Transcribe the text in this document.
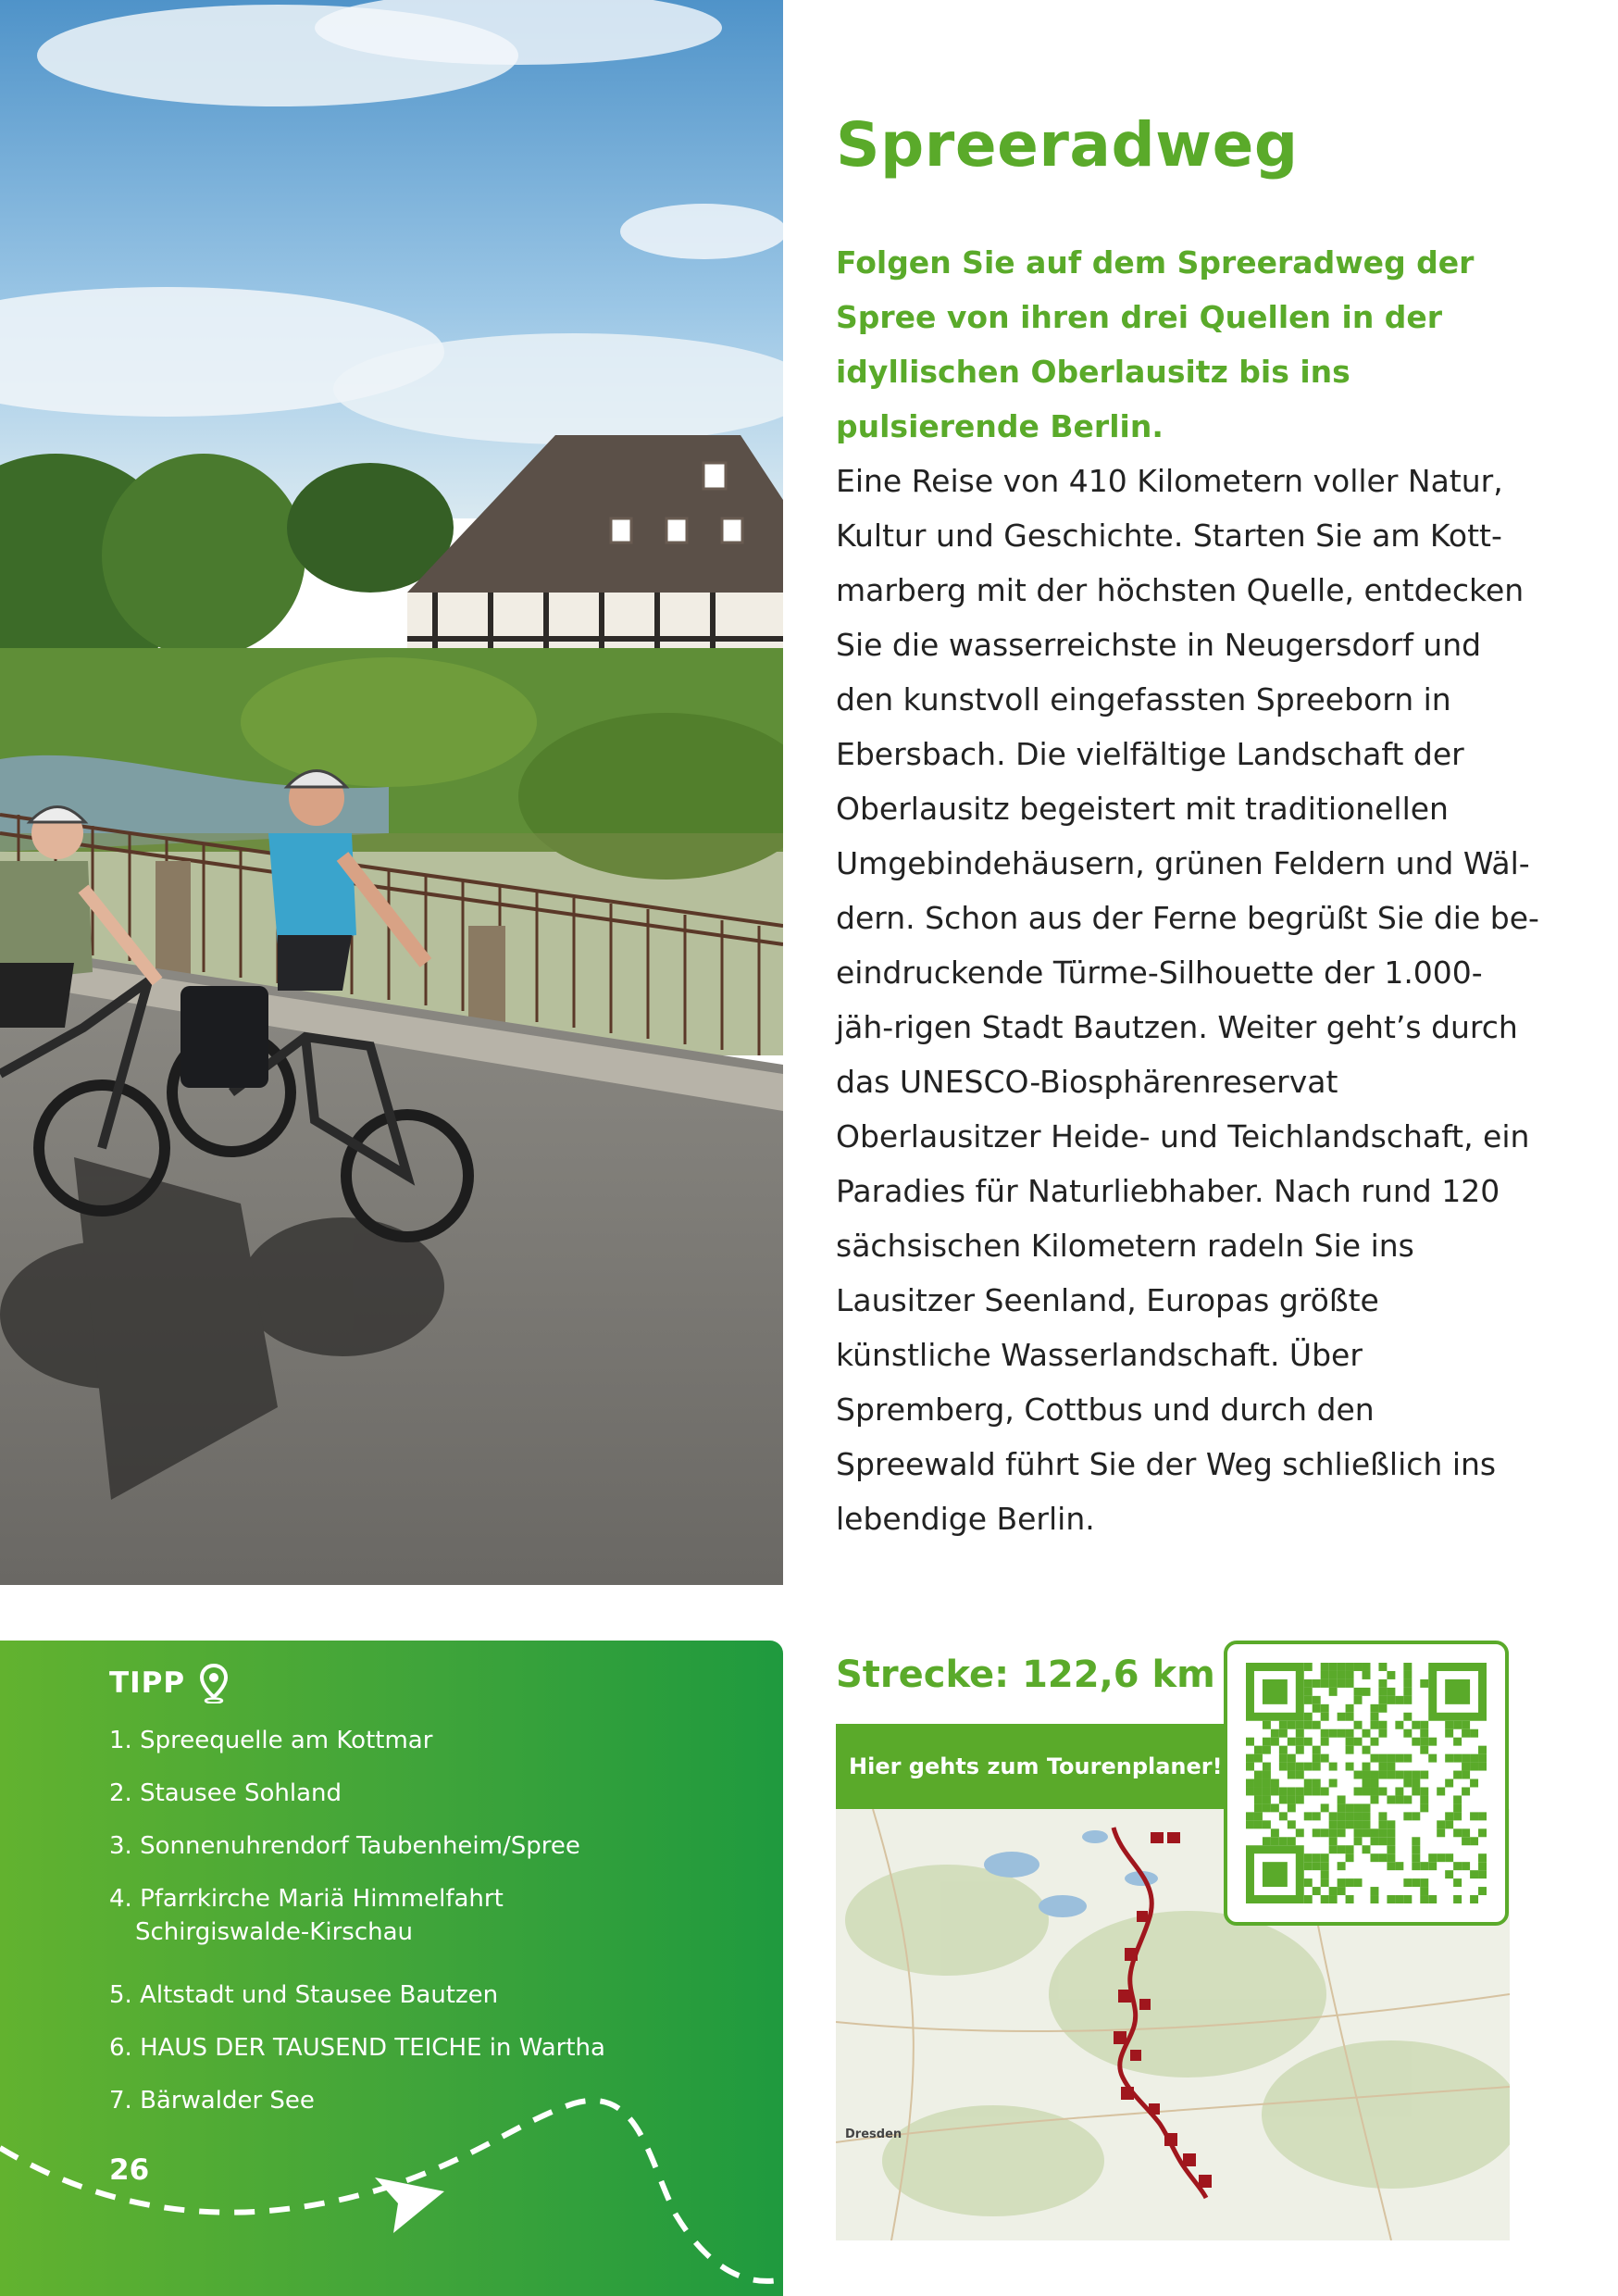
Spreeradweg

Folgen Sie auf dem Spreeradweg der Spree von ihren drei Quellen in der idyllischen Oberlausitz bis ins pulsierende Berlin.

Eine Reise von 410 Kilometern voller Natur, Kultur und Geschichte. Starten Sie am Kott-marberg mit der höchsten Quelle, entdecken Sie die wasserreichste in Neugersdorf und den kunstvoll eingefassten Spreeborn in Ebersbach. Die vielfältige Landschaft der Oberlausitz begeistert mit traditionellen Umgebindehäusern, grünen Feldern und Wäl-dern. Schon aus der Ferne begrüßt Sie die be-eindruckende Türme-Silhouette der 1.000-jäh-rigen Stadt Bautzen. Weiter geht’s durch das UNESCO-Biosphärenreservat Oberlausitzer Heide- und Teichlandschaft, ein Paradies für Naturliebhaber. Nach rund 120 sächsischen Kilometern radeln Sie ins Lausitzer Seenland, Europas größte künstliche Wasserlandschaft. Über Spremberg, Cottbus und durch den Spreewald führt Sie der Weg schließlich ins lebendige Berlin.

TIPP
1. Spreequelle am Kottmar
2. Stausee Sohland
3. Sonnenuhrendorf Taubenheim/Spree
4. Pfarrkirche Mariä Himmelfahrt
Schirgiswalde-Kirschau
5. Altstadt und Stausee Bautzen
6. HAUS DER TAUSEND TEICHE in Wartha
7. Bärwalder See
26
Strecke: 122,6 km
Hier gehts zum Tourenplaner!
Dresden
